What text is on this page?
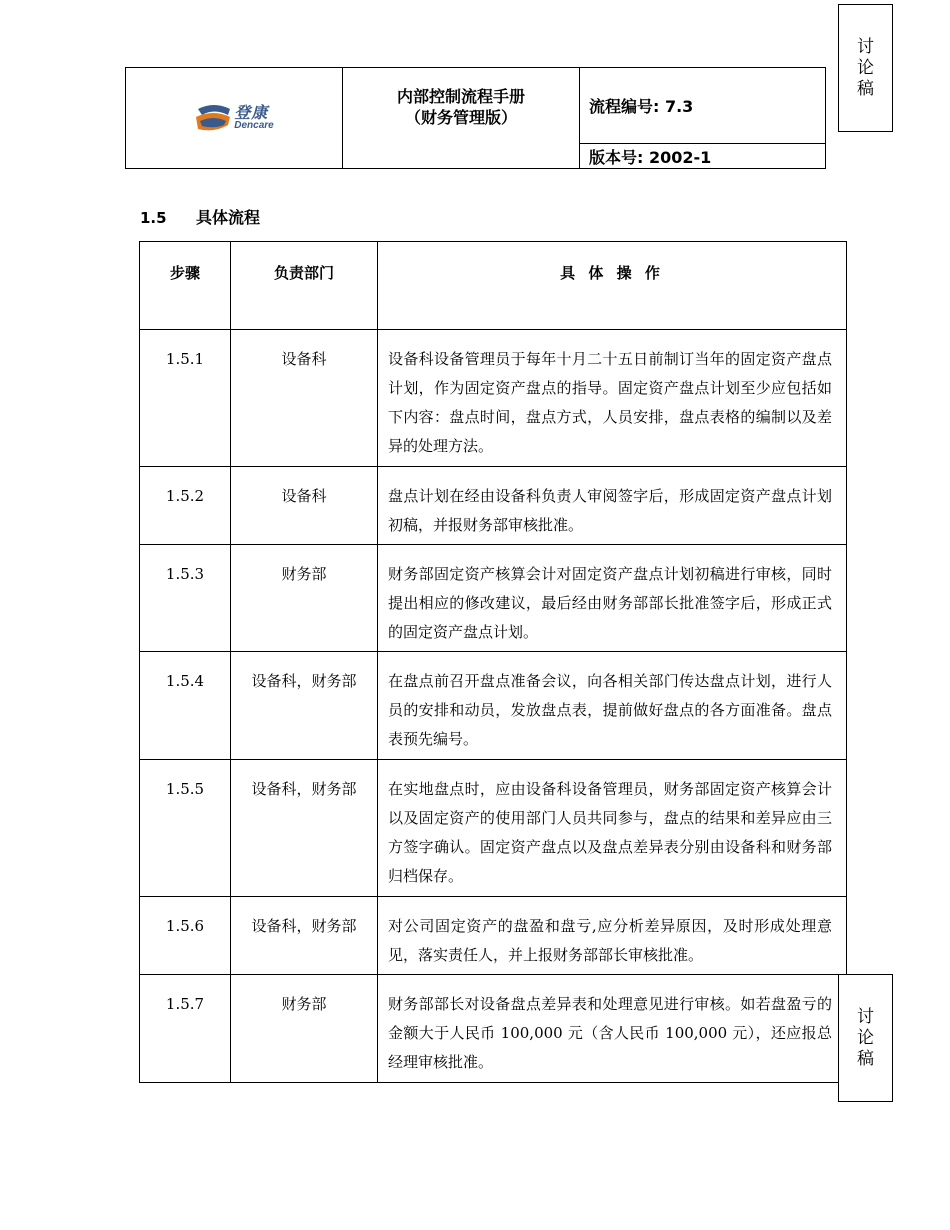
讨
论
稿
登康
Dencare

内部控制流程手册
（财务管理版）
	流程编号: 7.3
版本号: 2002-1
1.5 具体流程
步骤	负责部门	具 体 操 作
1.5.1	设备科	设备科设备管理员于每年十月二十五日前制订当年的固定资产盘点计划，作为固定资产盘点的指导。固定资产盘点计划至少应包括如下内容：盘点时间，盘点方式，人员安排，盘点表格的编制以及差异的处理方法。
1.5.2	设备科	盘点计划在经由设备科负责人审阅签字后，形成固定资产盘点计划初稿，并报财务部审核批准。
1.5.3	财务部	财务部固定资产核算会计对固定资产盘点计划初稿进行审核，同时提出相应的修改建议，最后经由财务部部长批准签字后，形成正式的固定资产盘点计划。
1.5.4	设备科，财务部	在盘点前召开盘点准备会议，向各相关部门传达盘点计划，进行人员的安排和动员，发放盘点表，提前做好盘点的各方面准备。盘点表预先编号。
1.5.5	设备科，财务部	在实地盘点时，应由设备科设备管理员，财务部固定资产核算会计以及固定资产的使用部门人员共同参与，盘点的结果和差异应由三方签字确认。固定资产盘点以及盘点差异表分别由设备科和财务部归档保存。
1.5.6	设备科，财务部	对公司固定资产的盘盈和盘亏,应分析差异原因，及时形成处理意见，落实责任人，并上报财务部部长审核批准。
1.5.7	财务部	财务部部长对设备盘点差异表和处理意见进行审核。如若盘盈亏的金额大于人民币 100,000 元（含人民币 100,000 元），还应报总经理审核批准。
讨
论
稿
